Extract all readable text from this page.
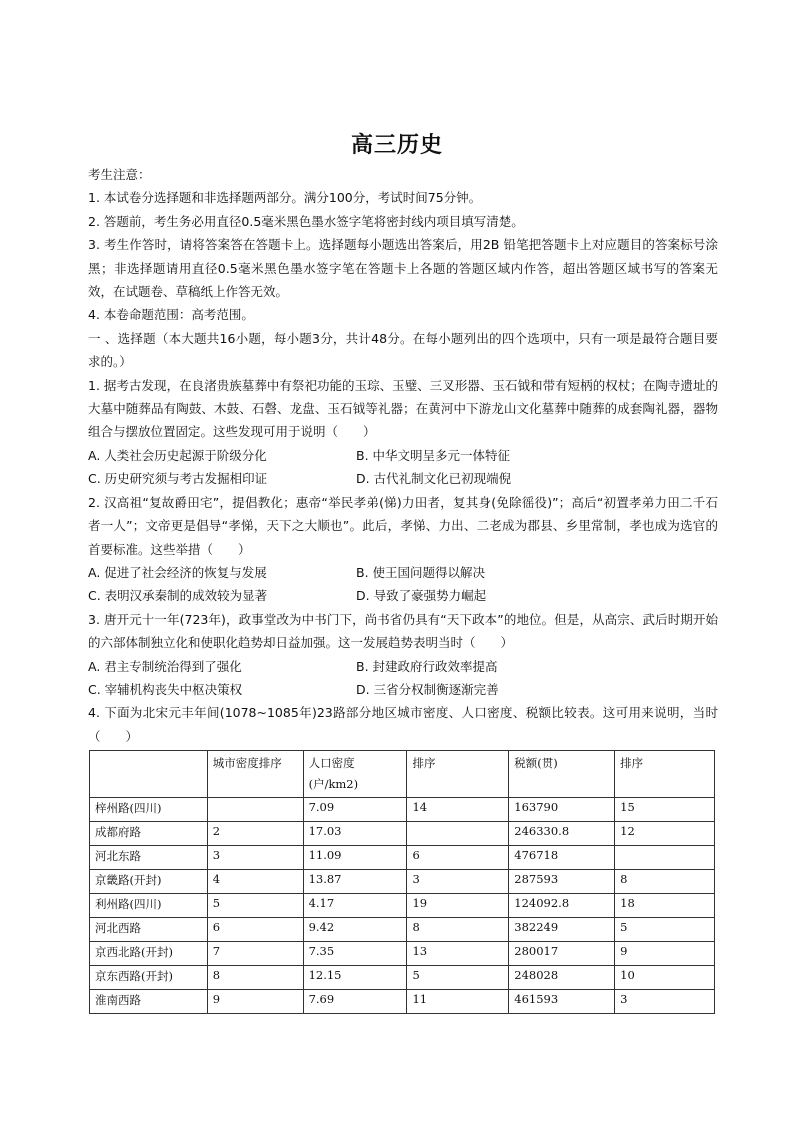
高三历史
考生注意：
1. 本试卷分选择题和非选择题两部分。满分100分，考试时间75分钟。
2. 答题前，考生务必用直径0.5毫米黑色墨水签字笔将密封线内项目填写清楚。
3. 考生作答时，请将答案答在答题卡上。选择题每小题选出答案后，用2B 铅笔把答题卡上对应题目的答案标号涂黑；非选择题请用直径0.5毫米黑色墨水签字笔在答题卡上各题的答题区域内作答，超出答题区域书写的答案无效，在试题卷、草稿纸上作答无效。
4. 本卷命题范围：高考范围。
一 、选择题（本大题共16小题，每小题3分，共计48分。在每小题列出的四个选项中，只有一项是最符合题目要求的。）
1. 据考古发现，在良渚贵族墓葬中有祭祀功能的玉琮、玉璧、三叉形器、玉石钺和带有短柄的权杖；在陶寺遗址的大墓中随葬品有陶鼓、木鼓、石磬、龙盘、玉石钺等礼器；在黄河中下游龙山文化墓葬中随葬的成套陶礼器，器物组合与摆放位置固定。这些发现可用于说明（　　）
A. 人类社会历史起源于阶级分化	B. 中华文明呈多元一体特征
C. 历史研究须与考古发掘相印证	D. 古代礼制文化已初现端倪
2. 汉高祖“复故爵田宅”，提倡教化；惠帝“举民孝弟(悌)力田者，复其身(免除徭役)”；高后“初置孝弟力田二千石者一人”；文帝更是倡导“孝悌，天下之大顺也”。此后，孝悌、力出、二老成为郡县、乡里常制，孝也成为选官的首要标准。这些举措（　　）
A. 促进了社会经济的恢复与发展	B. 使王国问题得以解决
C. 表明汉承秦制的成效较为显著	D. 导致了豪强势力崛起
3. 唐开元十一年(723年)，政事堂改为中书门下，尚书省仍具有“天下政本”的地位。但是，从高宗、武后时期开始的六部体制独立化和使职化趋势却日益加强。这一发展趋势表明当时（　　）
A. 君主专制统治得到了强化	B. 封建政府行政效率提高
C. 宰辅机构丧失中枢决策权	D. 三省分权制衡逐渐完善
4. 下面为北宋元丰年间(1078~1085年)23路部分地区城市密度、人口密度、税额比较表。这可用来说明，当时（　　）
	城市密度排序	人口密度(户/km2)	排序	税额(贯)	排序
梓州路(四川)		7.09	14	163790	15
成都府路	2	17.03		246330.8	12
河北东路	3	11.09	6	476718	
京畿路(开封)	4	13.87	3	287593	8
利州路(四川)	5	4.17	19	124092.8	18
河北西路	6	9.42	8	382249	5
京西北路(开封)	7	7.35	13	280017	9
京东西路(开封)	8	12.15	5	248028	10
淮南西路	9	7.69	11	461593	3
